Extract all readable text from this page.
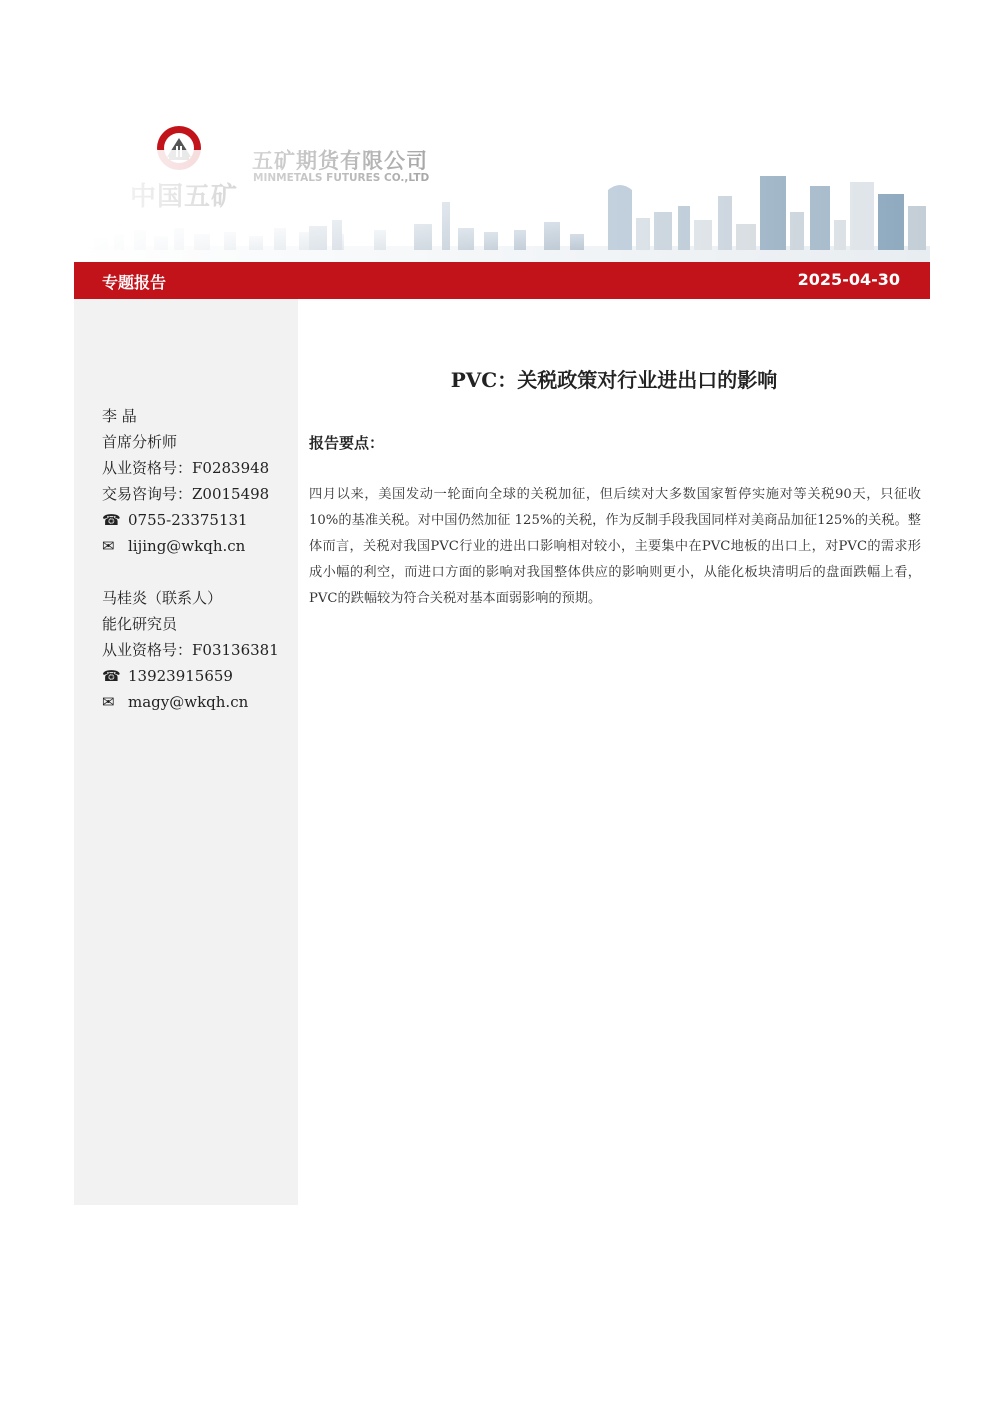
专题报告	2025-04-30
李 晶
首席分析师
从业资格号：F0283948
交易咨询号：Z0015498
☎ 0755-23375131
✉ lijing@wkqh.cn
马桂炎（联系人）
能化研究员
从业资格号：F03136381
☎ 13923915659
✉ magy@wkqh.cn
PVC：关税政策对行业进出口的影响
报告要点：
四月以来，美国发动一轮面向全球的关税加征，但后续对大多数国家暂停实施对等关税90天，只征收 10%的基准关税。对中国仍然加征 125%的关税，作为反制手段我国同样对美商品加征125%的关税。整体而言，关税对我国PVC行业的进出口影响相对较小，主要集中在PVC地板的出口上，对PVC的需求形成小幅的利空，而进口方面的影响对我国整体供应的影响则更小，从能化板块清明后的盘面跌幅上看，PVC的跌幅较为符合关税对基本面弱影响的预期。
